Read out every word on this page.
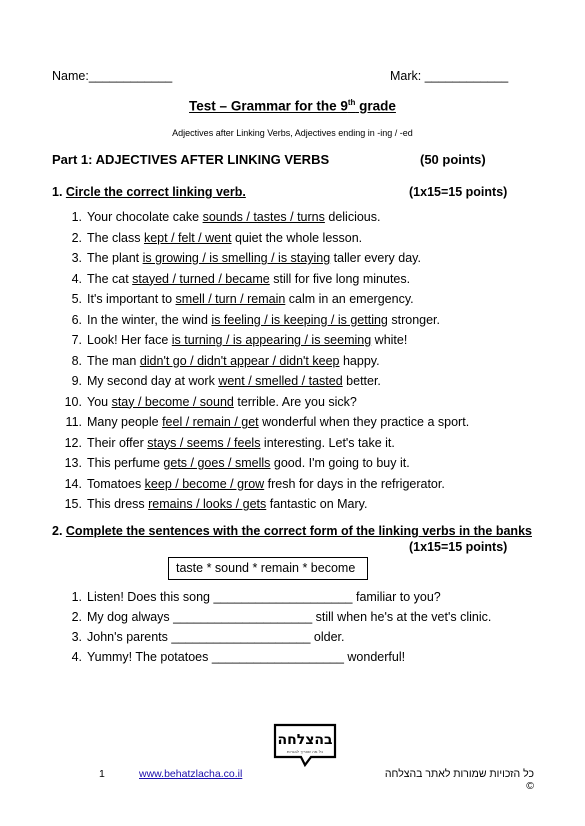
Name:____________	Mark: ____________
Test – Grammar for the 9th grade
Adjectives after Linking Verbs, Adjectives ending in -ing / -ed
Part 1: ADJECTIVES AFTER LINKING VERBS	(50 points)
1. Circle the correct linking verb.	(1x15=15 points)
1. Your chocolate cake sounds / tastes / turns delicious.
2. The class kept / felt / went quiet the whole lesson.
3. The plant is growing / is smelling / is staying taller every day.
4. The cat stayed / turned / became still for five long minutes.
5. It's important to smell / turn / remain calm in an emergency.
6. In the winter, the wind is feeling / is keeping / is getting stronger.
7. Look! Her face is turning / is appearing / is seeming white!
8. The man didn't go / didn't appear / didn't keep happy.
9. My second day at work went / smelled / tasted better.
10. You stay / become / sound terrible. Are you sick?
11. Many people feel / remain / get wonderful when they practice a sport.
12. Their offer stays / seems / feels interesting. Let's take it.
13. This perfume gets / goes / smells good. I'm going to buy it.
14. Tomatoes keep / become / grow fresh for days in the refrigerator.
15. This dress remains / looks / gets fantastic on Mary.
2. Complete the sentences with the correct form of the linking verbs in the banks
(1x15=15 points)
taste * sound * remain * become
1. Listen! Does this song ____________________ familiar to you?
2. My dog always ____________________ still when he's at the vet's clinic.
3. John's parents ____________________ older.
4. Yummy! The potatoes ___________________ wonderful!
בהצלחה
כל מה שצריך לבגרות
1	www.behatzlacha.co.il	כל הזכויות שמורות לאתר בהצלחה ©
